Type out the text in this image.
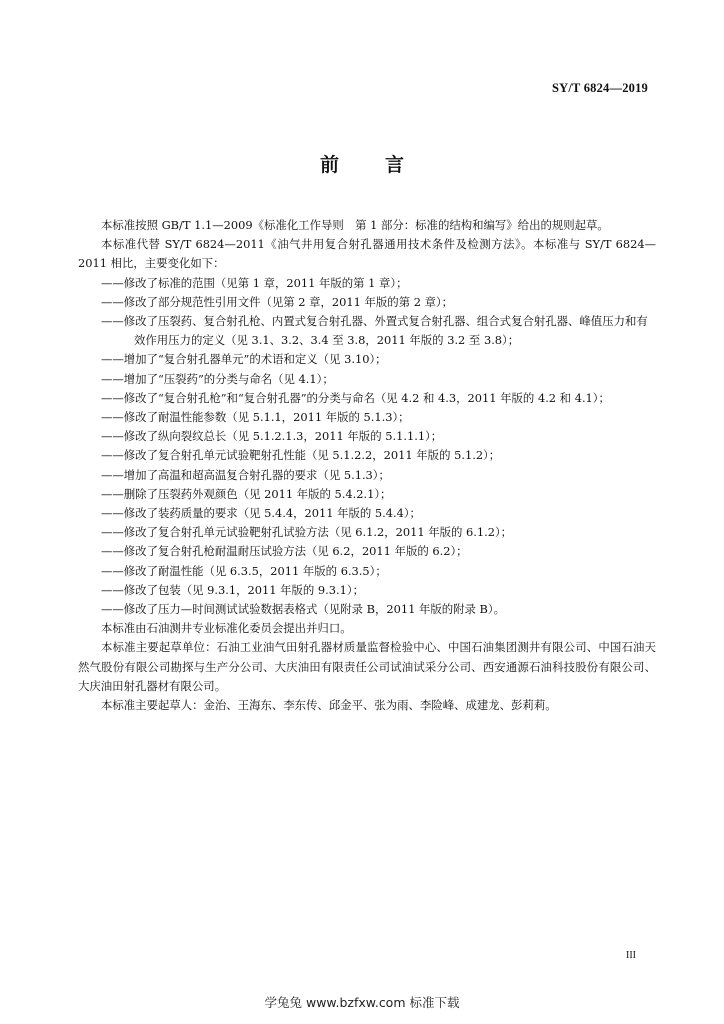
SY/T 6824—2019
前言

本标准按照 GB/T 1.1—2009《标准化工作导则　第 1 部分：标准的结构和编写》给出的规则起草。

本标准代替 SY/T 6824—2011《油气井用复合射孔器通用技术条件及检测方法》。本标准与 SY/T 6824—2011 相比，主要变化如下：

——修改了标准的范围（见第 1 章，2011 年版的第 1 章）；
——修改了部分规范性引用文件（见第 2 章，2011 年版的第 2 章）；
——修改了压裂药、复合射孔枪、内置式复合射孔器、外置式复合射孔器、组合式复合射孔器、峰值压力和有效作用压力的定义（见 3.1、3.2、3.4 至 3.8，2011 年版的 3.2 至 3.8）；
——增加了“复合射孔器单元”的术语和定义（见 3.10）；
——增加了“压裂药”的分类与命名（见 4.1）；
——修改了“复合射孔枪”和“复合射孔器”的分类与命名（见 4.2 和 4.3，2011 年版的 4.2 和 4.1）；
——修改了耐温性能参数（见 5.1.1，2011 年版的 5.1.3）；
——修改了纵向裂纹总长（见 5.1.2.1.3，2011 年版的 5.1.1.1）；
——修改了复合射孔单元试验靶射孔性能（见 5.1.2.2，2011 年版的 5.1.2）；
——增加了高温和超高温复合射孔器的要求（见 5.1.3）；
——删除了压裂药外观颜色（见 2011 年版的 5.4.2.1）；
——修改了装药质量的要求（见 5.4.4，2011 年版的 5.4.4）；
——修改了复合射孔单元试验靶射孔试验方法（见 6.1.2，2011 年版的 6.1.2）；
——修改了复合射孔枪耐温耐压试验方法（见 6.2，2011 年版的 6.2）；
——修改了耐温性能（见 6.3.5，2011 年版的 6.3.5）；
——修改了包装（见 9.3.1，2011 年版的 9.3.1）；
——修改了压力—时间测试试验数据表格式（见附录 B，2011 年版的附录 B）。

本标准由石油测井专业标准化委员会提出并归口。

本标准主要起草单位：石油工业油气田射孔器材质量监督检验中心、中国石油集团测井有限公司、中国石油天然气股份有限公司勘探与生产分公司、大庆油田有限责任公司试油试采分公司、西安通源石油科技股份有限公司、大庆油田射孔器材有限公司。

本标准主要起草人：金治、王海东、李东传、邱金平、张为雨、李险峰、成建龙、彭莉莉。

III
学兔兔 www.bzfxw.com 标准下载
